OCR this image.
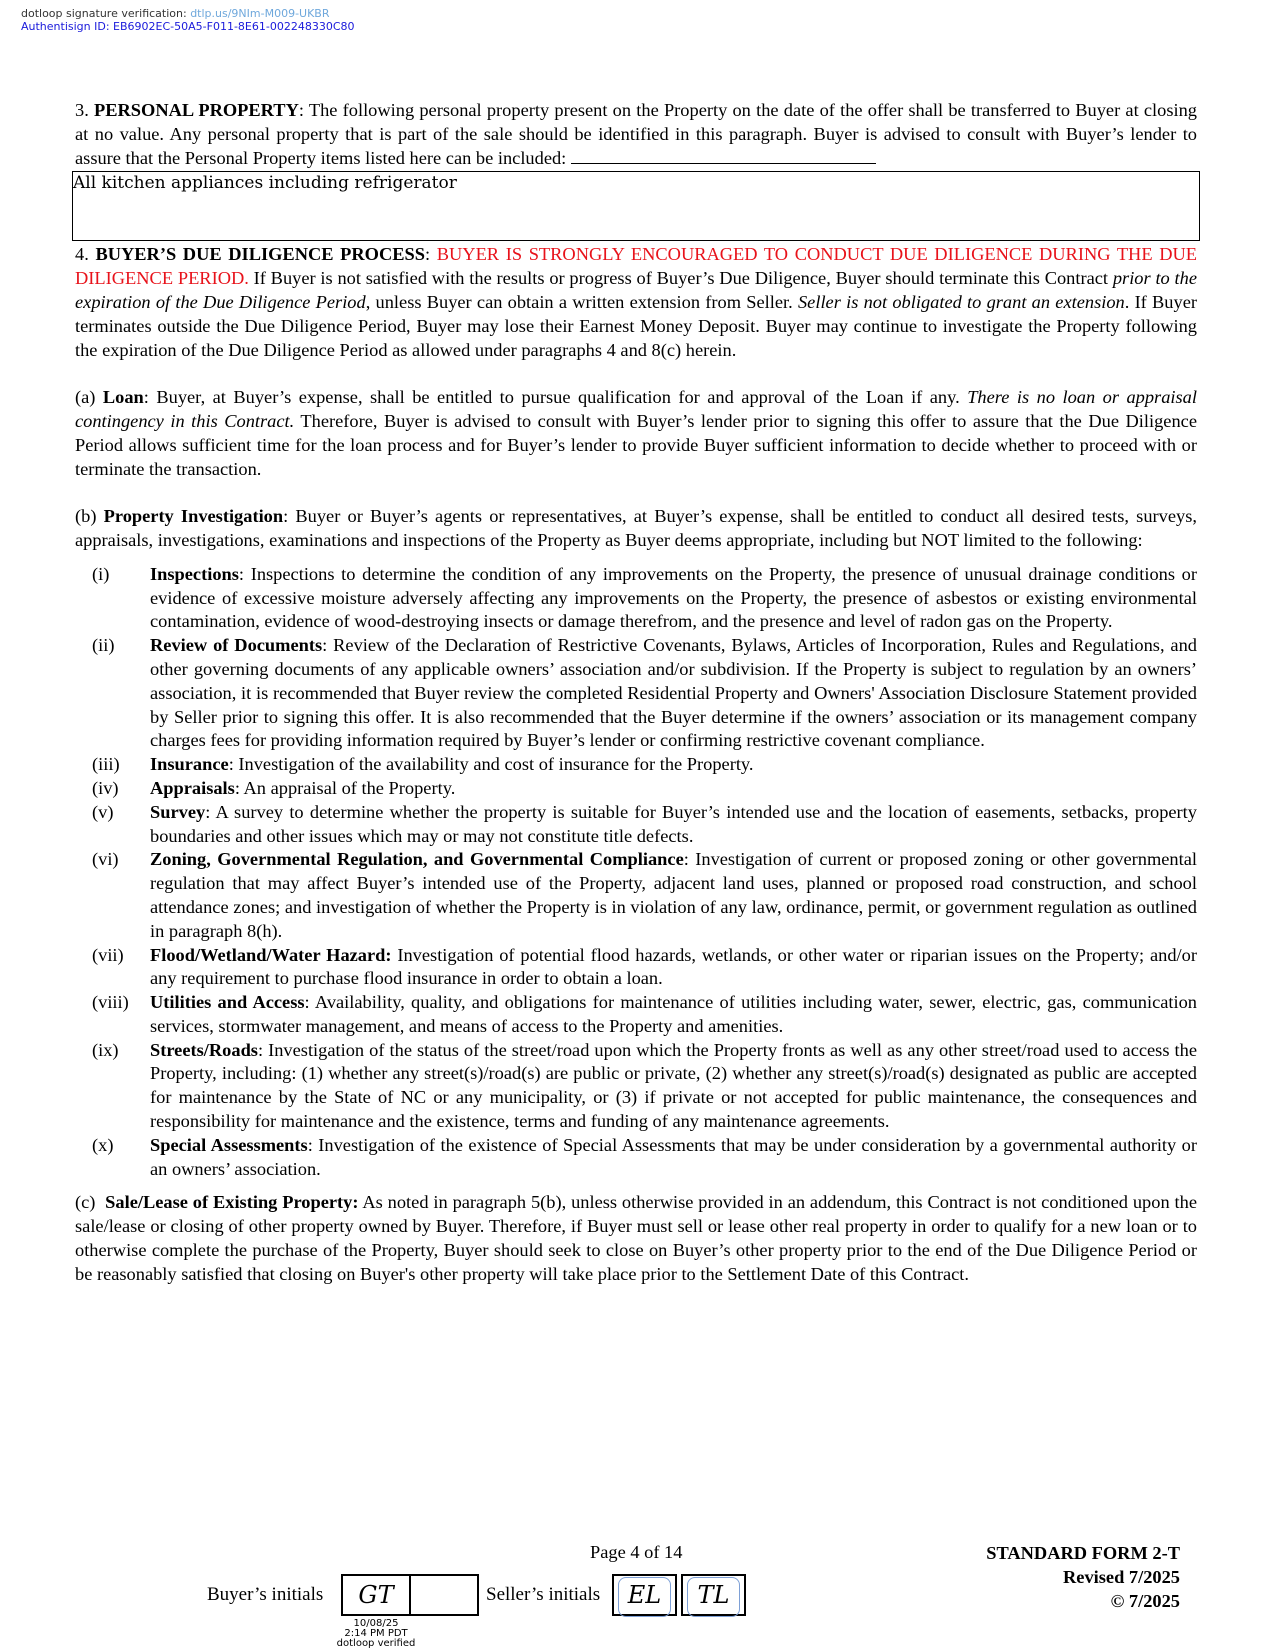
dotloop signature verification: dtlp.us/9NIm-M009-UKBR
Authentisign ID: EB6902EC-50A5-F011-8E61-002248330C80

3. PERSONAL PROPERTY: The following personal property present on the Property on the date of the offer shall be transferred to Buyer at closing at no value. Any personal property that is part of the sale should be identified in this paragraph. Buyer is advised to consult with Buyer’s lender to assure that the Personal Property items listed here can be included:

All kitchen appliances including refrigerator

4. BUYER’S DUE DILIGENCE PROCESS: BUYER IS STRONGLY ENCOURAGED TO CONDUCT DUE DILIGENCE DURING THE DUE DILIGENCE PERIOD. If Buyer is not satisfied with the results or progress of Buyer’s Due Diligence, Buyer should terminate this Contract prior to the expiration of the Due Diligence Period, unless Buyer can obtain a written extension from Seller. Seller is not obligated to grant an extension. If Buyer terminates outside the Due Diligence Period, Buyer may lose their Earnest Money Deposit. Buyer may continue to investigate the Property following the expiration of the Due Diligence Period as allowed under paragraphs 4 and 8(c) herein.

(a) Loan: Buyer, at Buyer’s expense, shall be entitled to pursue qualification for and approval of the Loan if any. There is no loan or appraisal contingency in this Contract. Therefore, Buyer is advised to consult with Buyer’s lender prior to signing this offer to assure that the Due Diligence Period allows sufficient time for the loan process and for Buyer’s lender to provide Buyer sufficient information to decide whether to proceed with or terminate the transaction.

(b) Property Investigation: Buyer or Buyer’s agents or representatives, at Buyer’s expense, shall be entitled to conduct all desired tests, surveys, appraisals, investigations, examinations and inspections of the Property as Buyer deems appropriate, including but NOT limited to the following:

(i)	Inspections: Inspections to determine the condition of any improvements on the Property, the presence of unusual drainage conditions or evidence of excessive moisture adversely affecting any improvements on the Property, the presence of asbestos or existing environmental contamination, evidence of wood-destroying insects or damage therefrom, and the presence and level of radon gas on the Property.
(ii)	Review of Documents: Review of the Declaration of Restrictive Covenants, Bylaws, Articles of Incorporation, Rules and Regulations, and other governing documents of any applicable owners’ association and/or subdivision. If the Property is subject to regulation by an owners’ association, it is recommended that Buyer review the completed Residential Property and Owners' Association Disclosure Statement provided by Seller prior to signing this offer. It is also recommended that the Buyer determine if the owners’ association or its management company charges fees for providing information required by Buyer’s lender or confirming restrictive covenant compliance.
(iii)	Insurance: Investigation of the availability and cost of insurance for the Property.
(iv)	Appraisals: An appraisal of the Property.
(v)	Survey: A survey to determine whether the property is suitable for Buyer’s intended use and the location of easements, setbacks, property boundaries and other issues which may or may not constitute title defects.
(vi)	Zoning, Governmental Regulation, and Governmental Compliance: Investigation of current or proposed zoning or other governmental regulation that may affect Buyer’s intended use of the Property, adjacent land uses, planned or proposed road construction, and school attendance zones; and investigation of whether the Property is in violation of any law, ordinance, permit, or government regulation as outlined in paragraph 8(h).
(vii)	Flood/Wetland/Water Hazard: Investigation of potential flood hazards, wetlands, or other water or riparian issues on the Property; and/or any requirement to purchase flood insurance in order to obtain a loan.
(viii)	Utilities and Access: Availability, quality, and obligations for maintenance of utilities including water, sewer, electric, gas, communication services, stormwater management, and means of access to the Property and amenities.
(ix)	Streets/Roads: Investigation of the status of the street/road upon which the Property fronts as well as any other street/road used to access the Property, including: (1) whether any street(s)/road(s) are public or private, (2) whether any street(s)/road(s) designated as public are accepted for maintenance by the State of NC or any municipality, or (3) if private or not accepted for public maintenance, the consequences and responsibility for maintenance and the existence, terms and funding of any maintenance agreements.
(x)	Special Assessments: Investigation of the existence of Special Assessments that may be under consideration by a governmental authority or an owners’ association.

(c) Sale/Lease of Existing Property: As noted in paragraph 5(b), unless otherwise provided in an addendum, this Contract is not conditioned upon the sale/lease or closing of other property owned by Buyer. Therefore, if Buyer must sell or lease other real property in order to qualify for a new loan or to otherwise complete the purchase of the Property, Buyer should seek to close on Buyer’s other property prior to the end of the Due Diligence Period or be reasonably satisfied that closing on Buyer's other property will take place prior to the Settlement Date of this Contract.

Page 4 of 14	STANDARD FORM 2-T
Revised 7/2025
© 7/2025
Buyer’s initials	GT
10/08/25
2:14 PM PDT
dotloop verified
Seller’s initials	EL	TL
